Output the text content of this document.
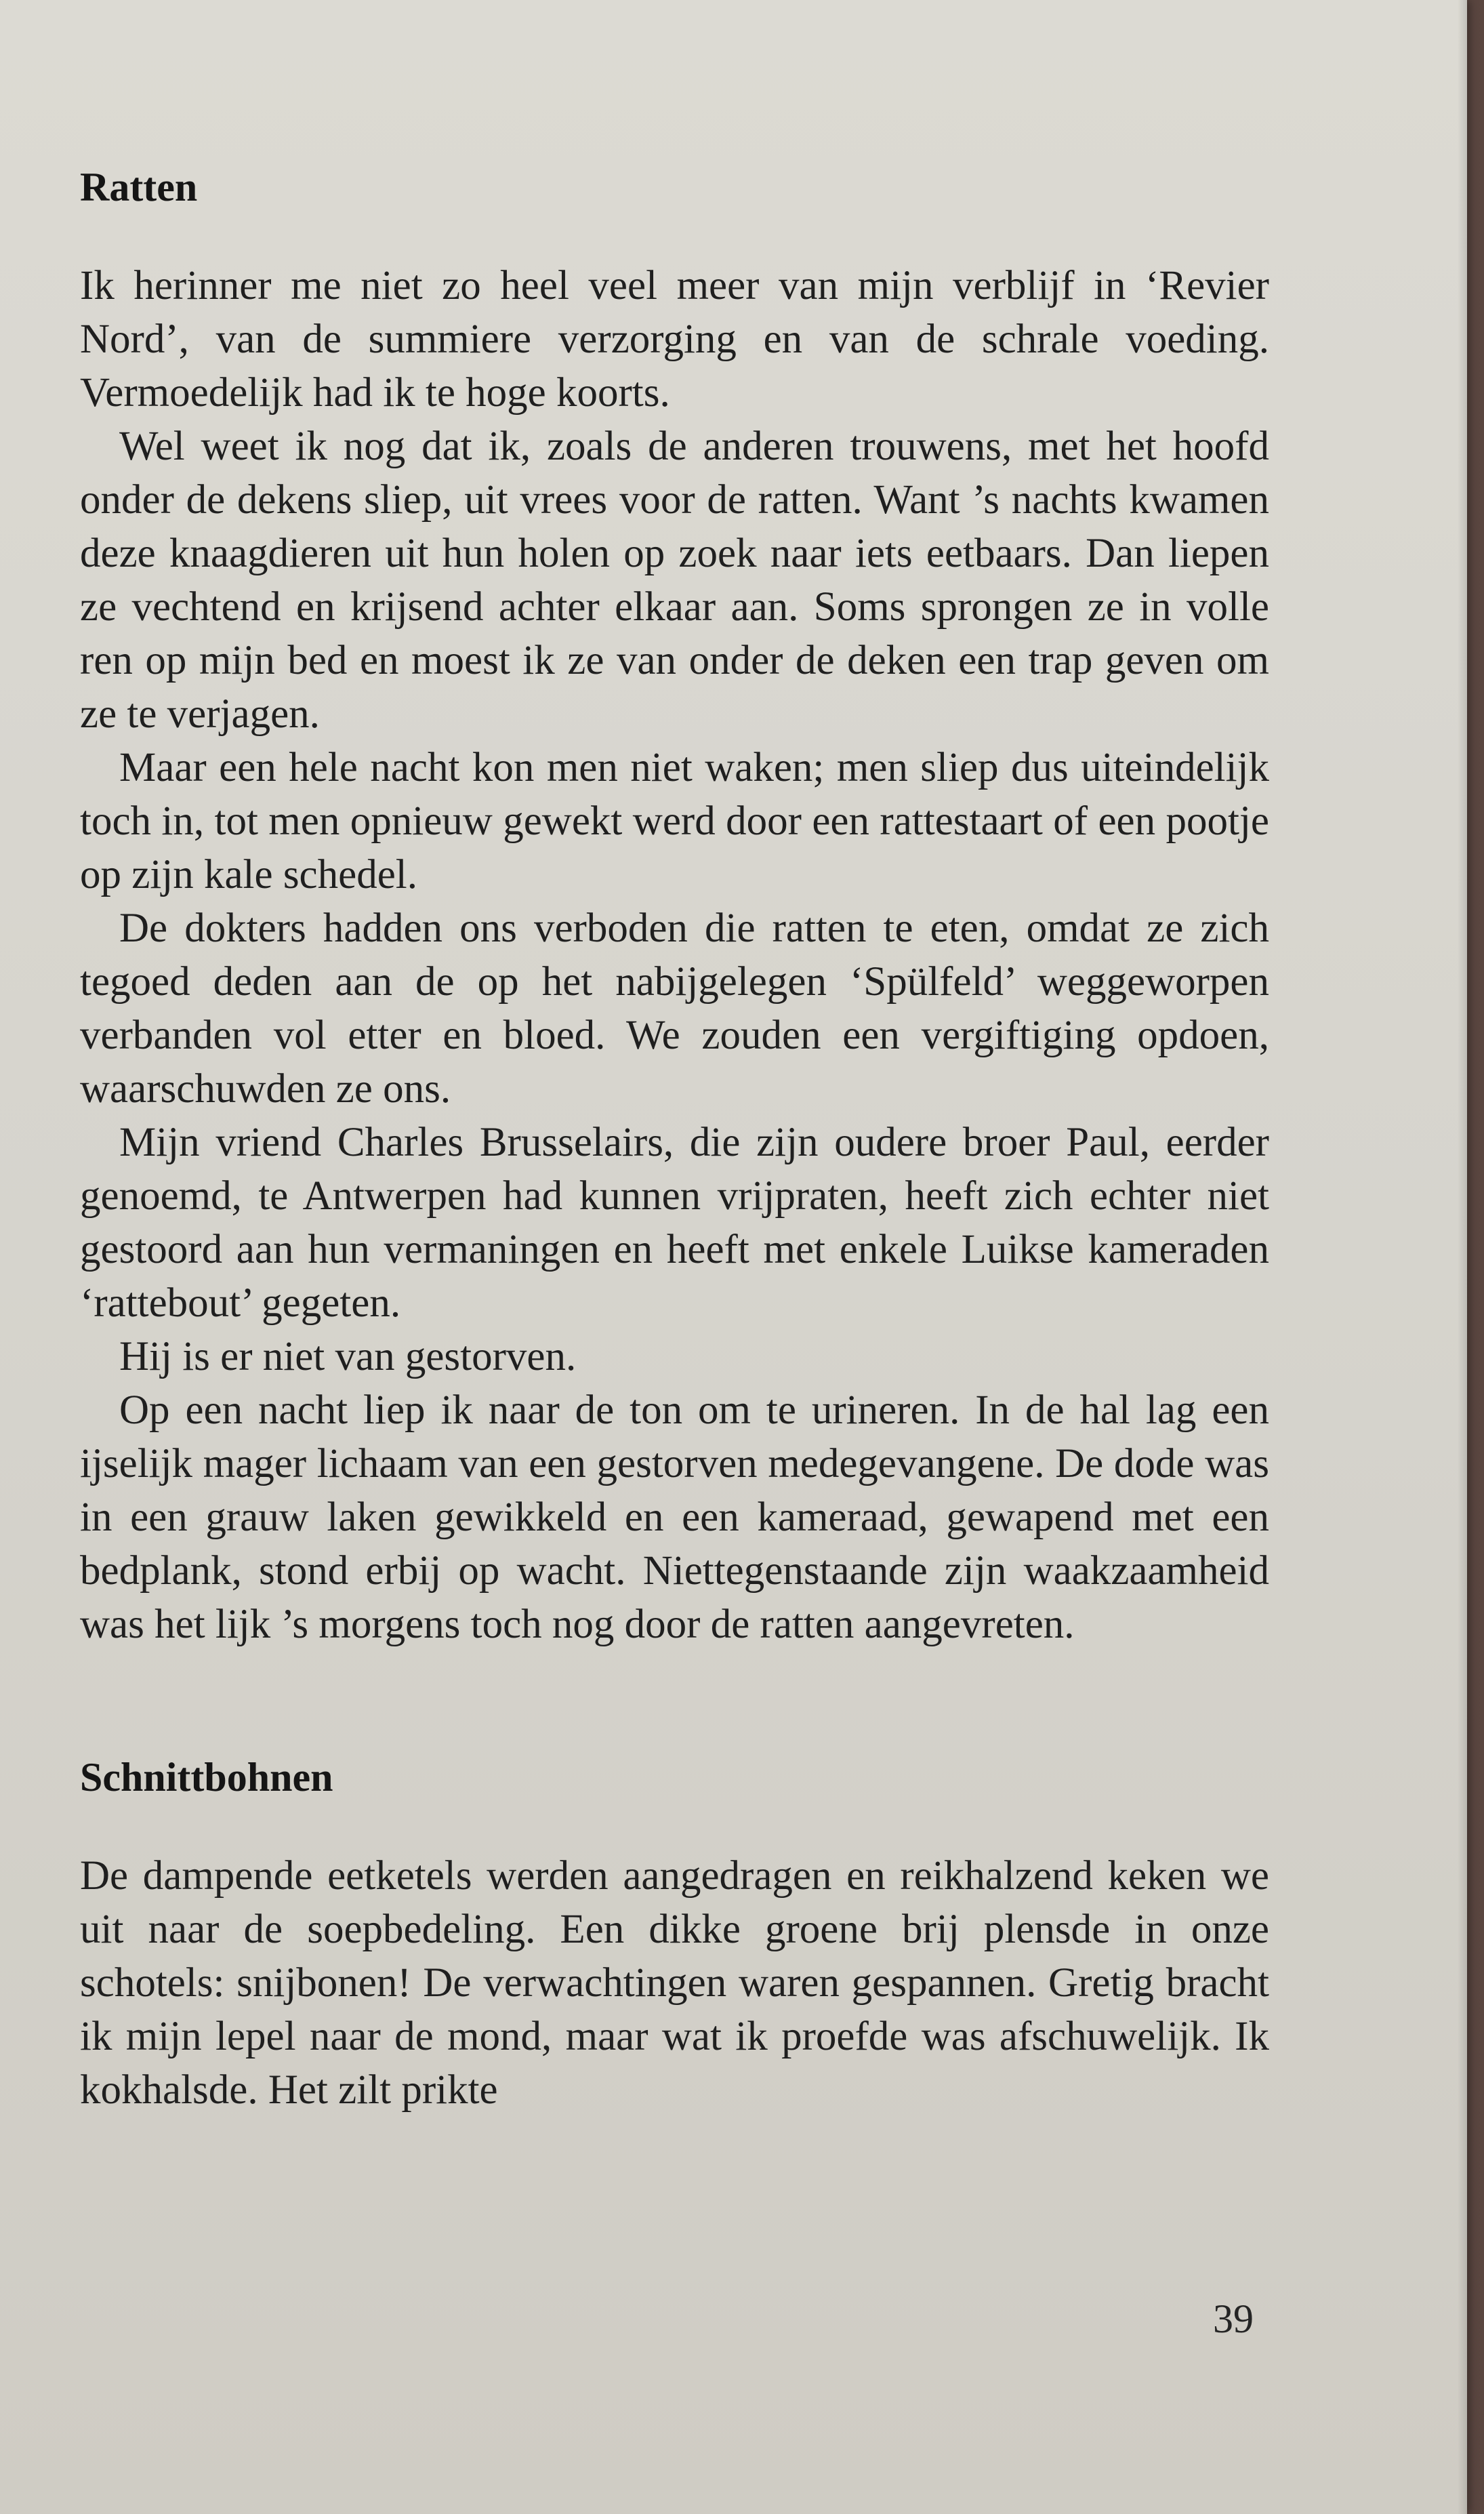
Ratten

Ik herinner me niet zo heel veel meer van mijn verblijf in ‘Revier Nord’, van de summiere verzorging en van de schrale voeding. Vermoedelijk had ik te hoge koorts.

Wel weet ik nog dat ik, zoals de anderen trouwens, met het hoofd onder de dekens sliep, uit vrees voor de ratten. Want ’s nachts kwamen deze knaagdieren uit hun holen op zoek naar iets eetbaars. Dan liepen ze vechtend en krijsend achter elkaar aan. Soms sprongen ze in volle ren op mijn bed en moest ik ze van onder de deken een trap geven om ze te verjagen.

Maar een hele nacht kon men niet waken; men sliep dus uiteindelijk toch in, tot men opnieuw gewekt werd door een rattestaart of een pootje op zijn kale schedel.

De dokters hadden ons verboden die ratten te eten, omdat ze zich tegoed deden aan de op het nabijgelegen ‘Spülfeld’ weggeworpen verbanden vol etter en bloed. We zouden een vergiftiging opdoen, waarschuwden ze ons.

Mijn vriend Charles Brusselairs, die zijn oudere broer Paul, eerder genoemd, te Antwerpen had kunnen vrijpraten, heeft zich echter niet gestoord aan hun vermaningen en heeft met enkele Luikse kameraden ‘rattebout’ gegeten.

Hij is er niet van gestorven.

Op een nacht liep ik naar de ton om te urineren. In de hal lag een ijselijk mager lichaam van een gestorven medegevangene. De dode was in een grauw laken gewikkeld en een kameraad, gewapend met een bedplank, stond erbij op wacht. Niettegenstaande zijn waakzaamheid was het lijk ’s morgens toch nog door de ratten aangevreten.

Schnittbohnen

De dampende eetketels werden aangedragen en reikhalzend keken we uit naar de soepbedeling. Een dikke groene brij plensde in onze schotels: snijbonen! De verwachtingen waren gespannen. Gretig bracht ik mijn lepel naar de mond, maar wat ik proefde was afschuwelijk. Ik kokhalsde. Het zilt prikte

39
